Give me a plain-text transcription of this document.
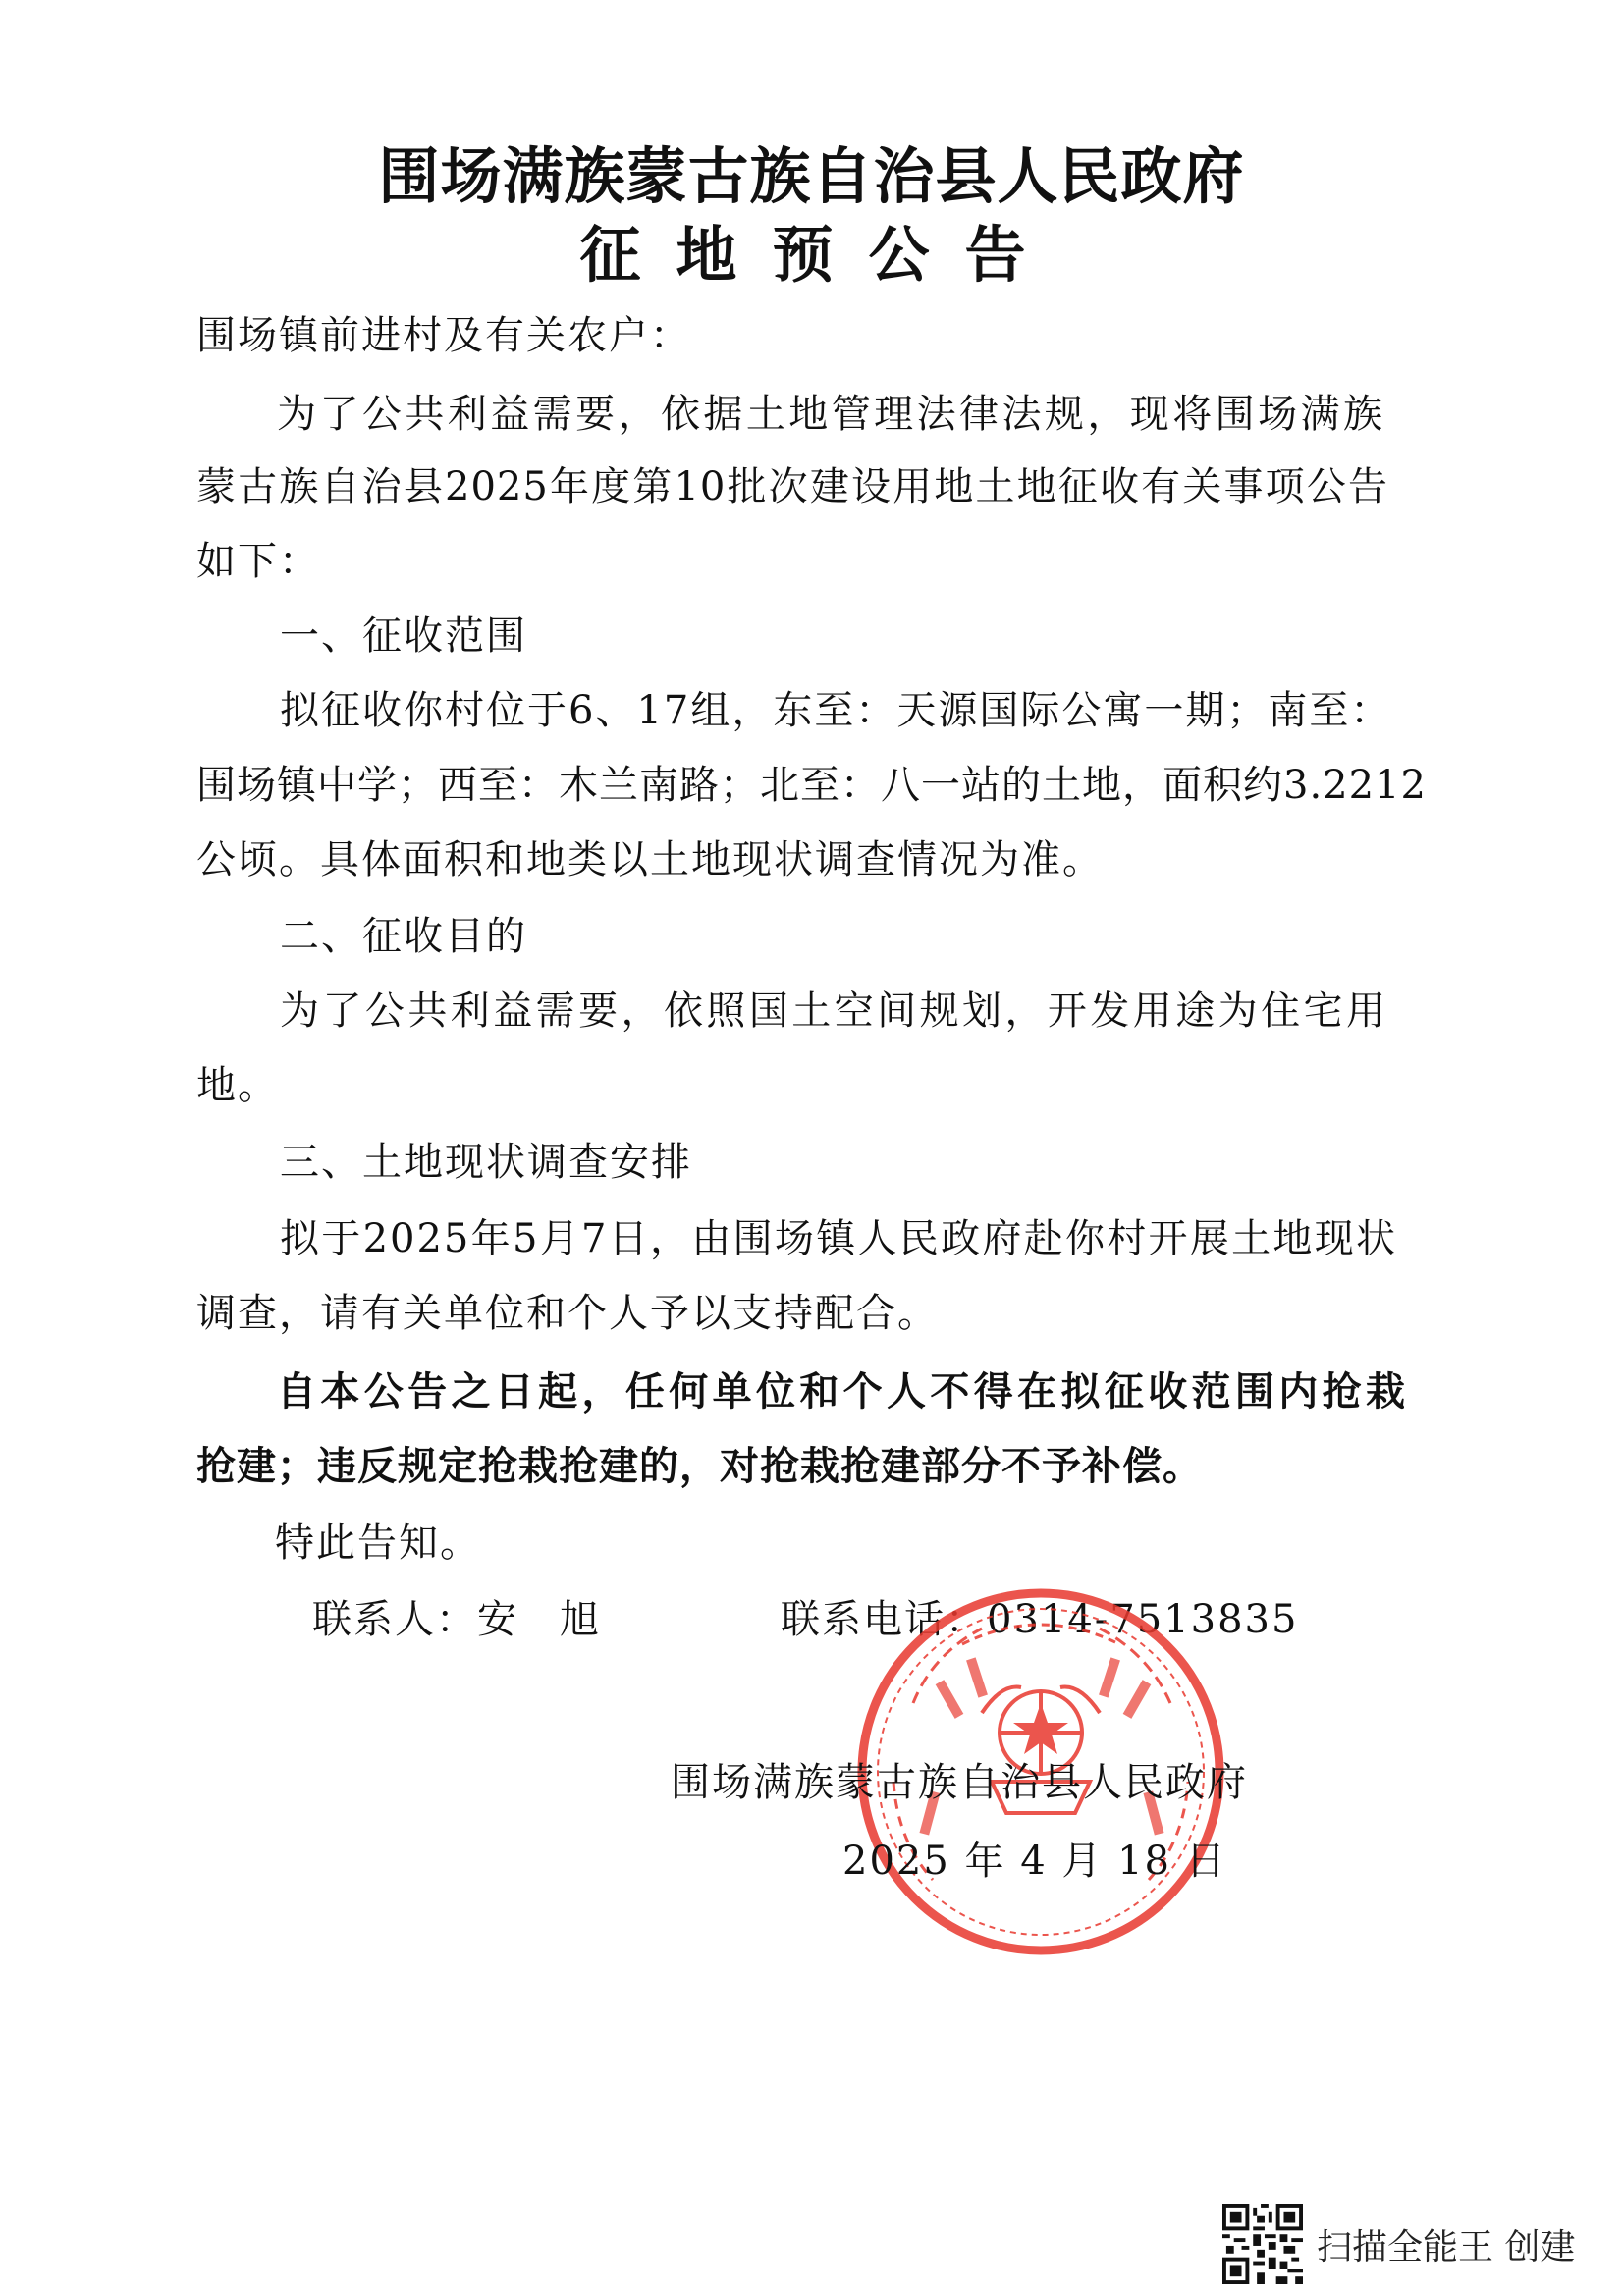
围场满族蒙古族自治县人民政府
征地预公告
围场镇前进村及有关农户：
为了公共利益需要，依据土地管理法律法规，现将围场满族
蒙古族自治县2025年度第10批次建设用地土地征收有关事项公告
如下：
一、征收范围
拟征收你村位于6、17组，东至：天源国际公寓一期；南至：
围场镇中学；西至：木兰南路；北至：八一站的土地，面积约3.2212
公顷。具体面积和地类以土地现状调查情况为准。
二、征收目的
为了公共利益需要，依照国土空间规划，开发用途为住宅用
地。
三、土地现状调查安排
拟于2025年5月7日，由围场镇人民政府赴你村开展土地现状
调查，请有关单位和个人予以支持配合。
自本公告之日起，任何单位和个人不得在拟征收范围内抢栽
抢建；违反规定抢栽抢建的，对抢栽抢建部分不予补偿。
特此告知。
联系人：安　旭	联系电话：0314-7513835
围场满族蒙古族自治县人民政府
2025 年 4 月 18 日
扫描全能王 创建
